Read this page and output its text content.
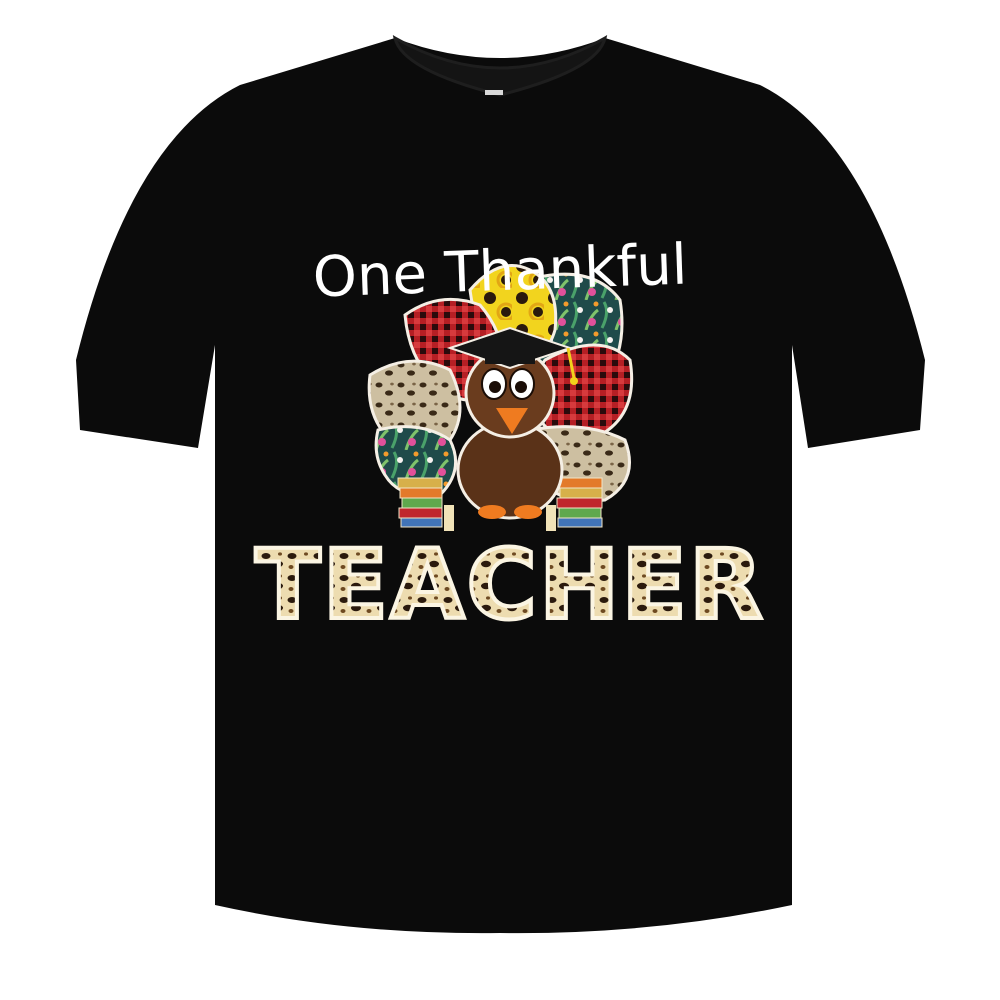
One Thankful
TEACHER
